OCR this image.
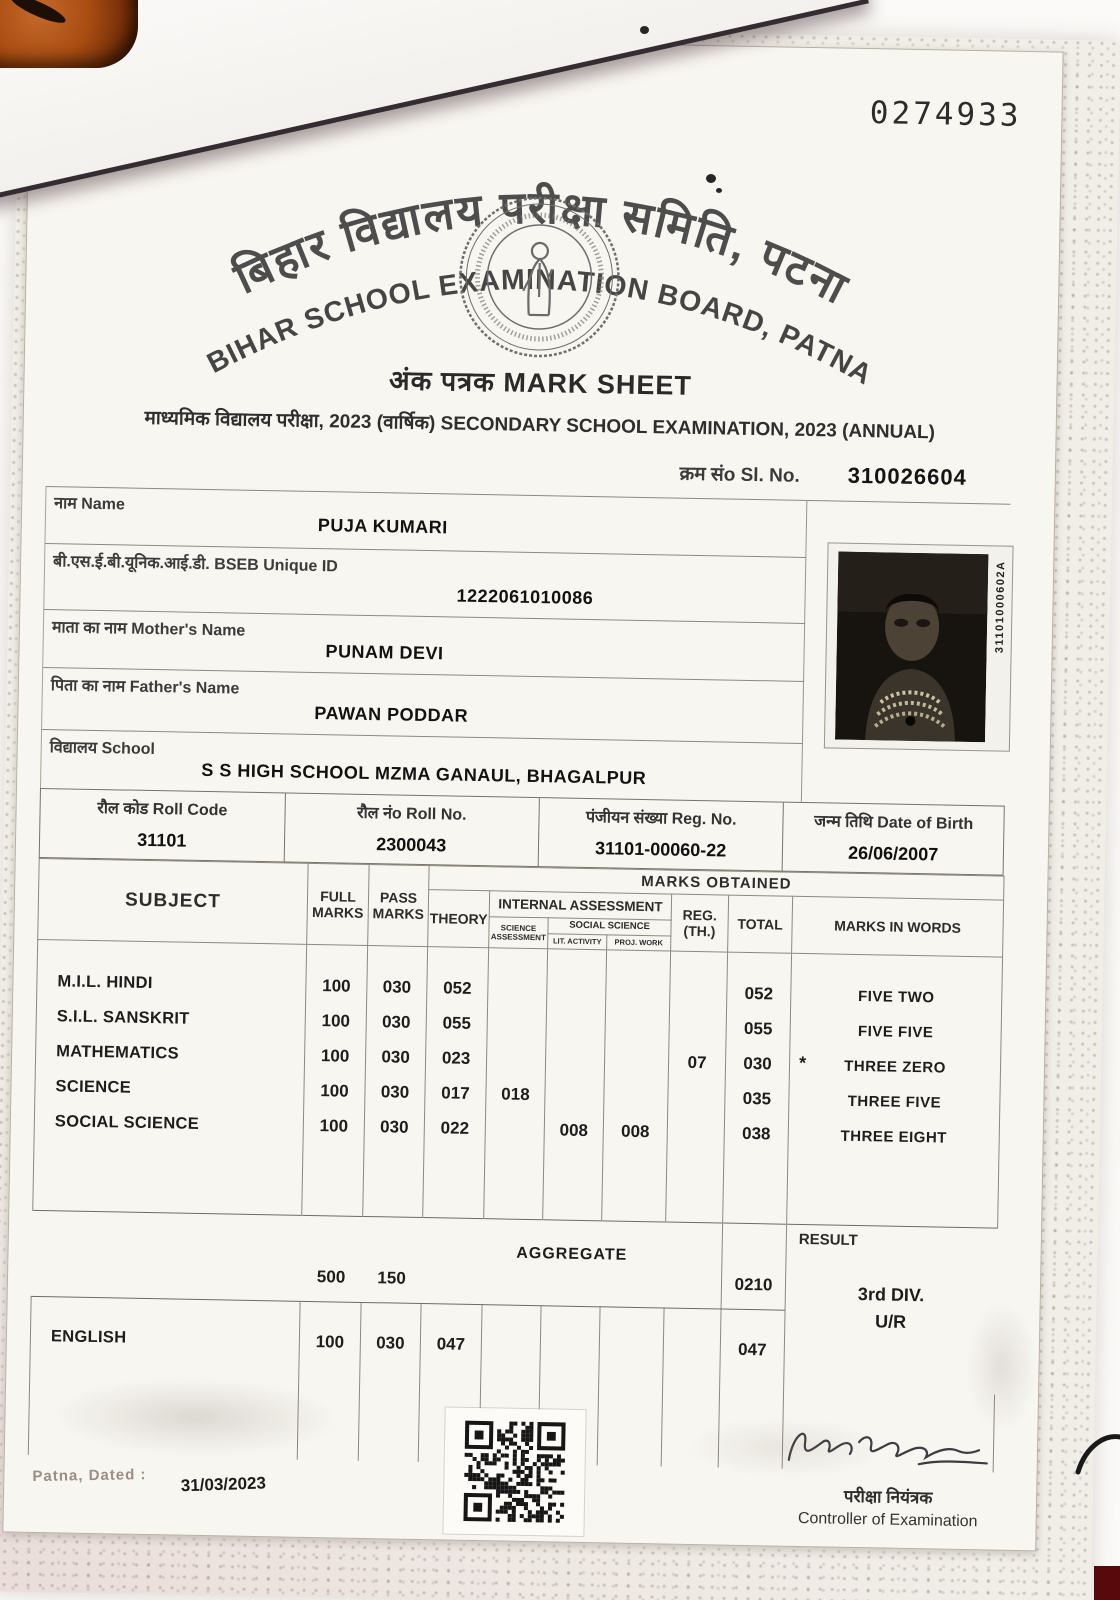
0274933
बिहार विद्यालय परीक्षा समिति, पटना
BIHAR SCHOOL EXAMINATION BOARD, PATNA
अंक पत्रक MARK SHEET
माध्यमिक विद्यालय परीक्षा, 2023 (वार्षिक) SECONDARY SCHOOL EXAMINATION, 2023 (ANNUAL)
क्रम संo Sl. No. 310026604
नाम Name
PUJA KUMARI
बी.एस.ई.बी.यूनिक.आई.डी. BSEB Unique ID
1222061010086
माता का नाम Mother's Name
PUNAM DEVI
पिता का नाम Father's Name
PAWAN PODDAR
विद्यालय School
S S HIGH SCHOOL MZMA GANAUL, BHAGALPUR
31101000602A
रौल कोड Roll Code
31101
रौल नंo Roll No.
2300043
पंजीयन संख्या Reg. No.
31101-00060-22
जन्म तिथि Date of Birth
26/06/2007
SUBJECT	FULL MARKS	PASS MARKS	MARKS OBTAINED						
			THEORY	INTERNAL ASSESSMENT			REG. (TH.)	TOTAL	MARKS IN WORDS
				SCIENCE ASSESSMENT	SOCIAL SCIENCE				
					LIT. ACTIVITY	PROJ. WORK			

M.I.L. HINDI	100	030	052					052	FIVE TWO
S.I.L. SANSKRIT	100	030	055					055	FIVE FIVE
MATHEMATICS	100	030	023				07	030	* THREE ZERO
SCIENCE	100	030	017	018				035	THREE FIVE
SOCIAL SCIENCE	100	030	022		008	008		038	THREE EIGHT

	500	150	AGGREGATE					0210	RESULT
3rd DIV.
U/R

ENGLISH	100	030	047					047	

Patna, Dated : 31/03/2023
परीक्षा नियंत्रक
Controller of Examination
